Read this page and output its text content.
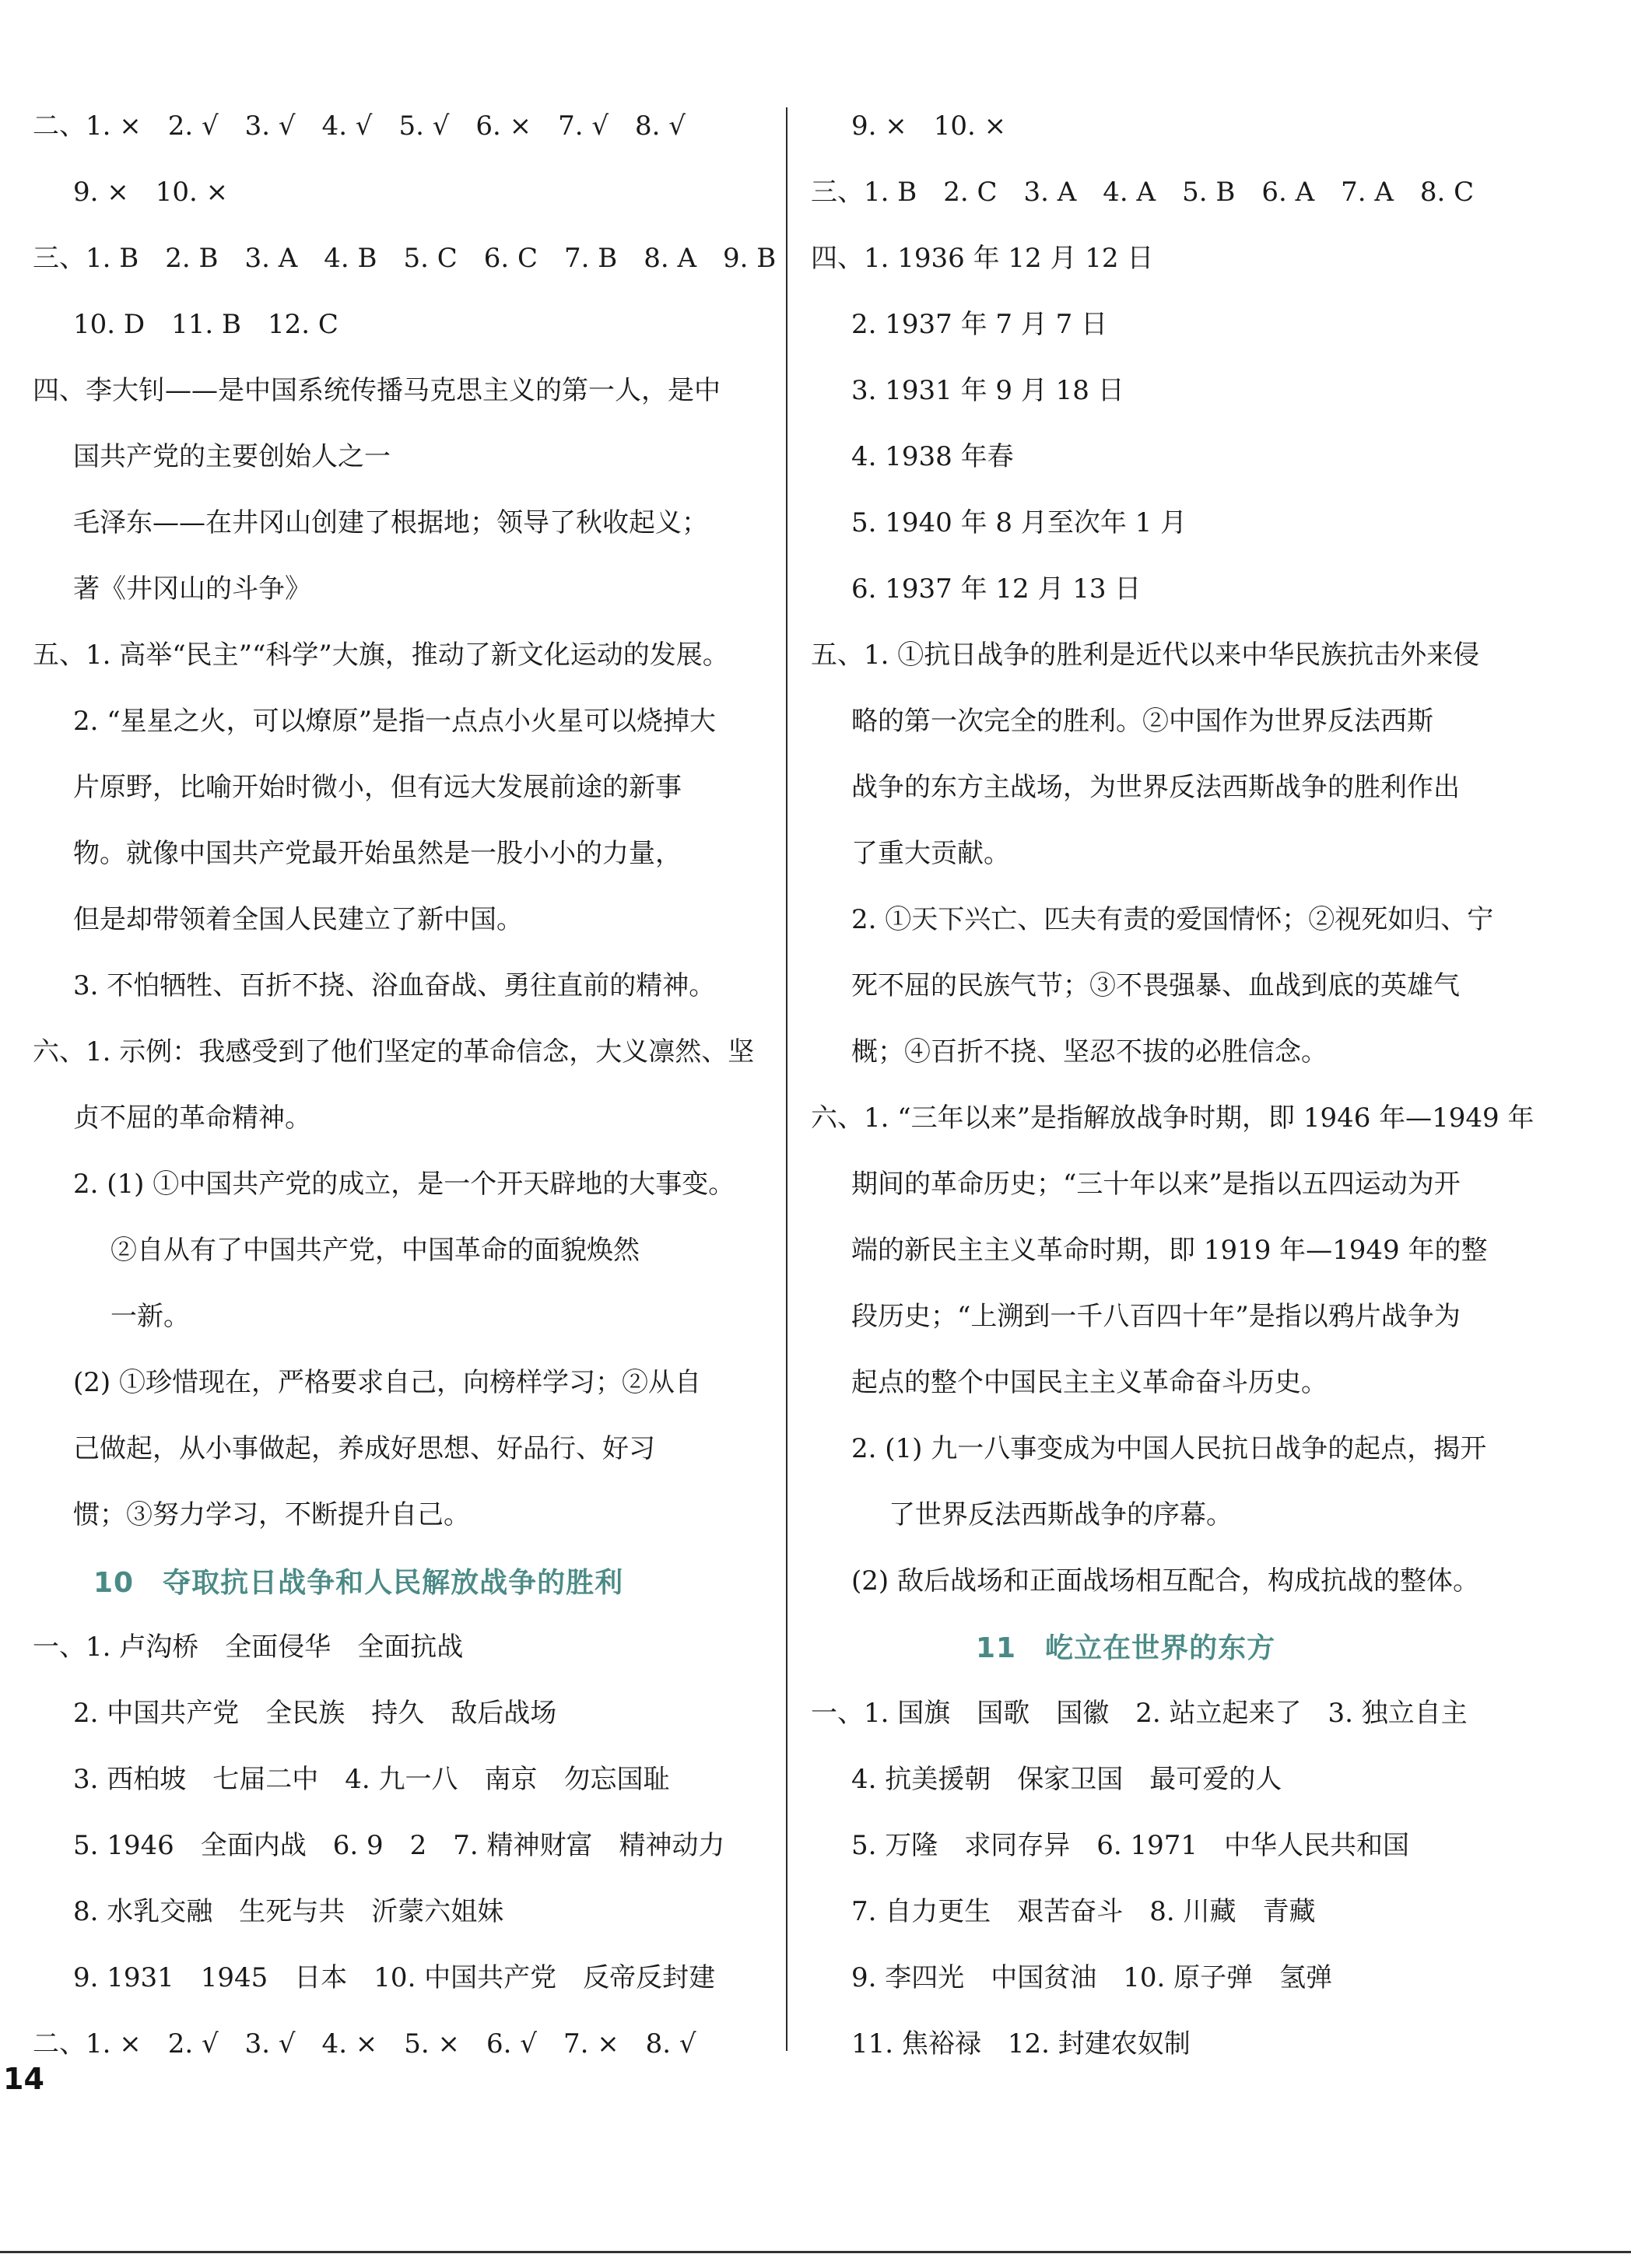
二、1. ×　2. √　3. √　4. √　5. √　6. ×　7. √　8. √
9. ×　10. ×
三、1. B　2. B　3. A　4. B　5. C　6. C　7. B　8. A　9. B
10. D　11. B　12. C
四、李大钊——是中国系统传播马克思主义的第一人，是中
国共产党的主要创始人之一
毛泽东——在井冈山创建了根据地；领导了秋收起义；
著《井冈山的斗争》
五、1. 高举“民主”“科学”大旗，推动了新文化运动的发展。
2. “星星之火，可以燎原”是指一点点小火星可以烧掉大
片原野，比喻开始时微小，但有远大发展前途的新事
物。就像中国共产党最开始虽然是一股小小的力量，
但是却带领着全国人民建立了新中国。
3. 不怕牺牲、百折不挠、浴血奋战、勇往直前的精神。
六、1. 示例：我感受到了他们坚定的革命信念，大义凛然、坚
贞不屈的革命精神。
2. (1) ①中国共产党的成立，是一个开天辟地的大事变。
②自从有了中国共产党，中国革命的面貌焕然
一新。
(2) ①珍惜现在，严格要求自己，向榜样学习；②从自
己做起，从小事做起，养成好思想、好品行、好习
惯；③努力学习，不断提升自己。
10　夺取抗日战争和人民解放战争的胜利
一、1. 卢沟桥　全面侵华　全面抗战
2. 中国共产党　全民族　持久　敌后战场
3. 西柏坡　七届二中　4. 九一八　南京　勿忘国耻
5. 1946　全面内战　6. 9　2　7. 精神财富　精神动力
8. 水乳交融　生死与共　沂蒙六姐妹
9. 1931　1945　日本　10. 中国共产党　反帝反封建
二、1. ×　2. √　3. √　4. ×　5. ×　6. √　7. ×　8. √
9. ×　10. ×
三、1. B　2. C　3. A　4. A　5. B　6. A　7. A　8. C
四、1. 1936 年 12 月 12 日
2. 1937 年 7 月 7 日
3. 1931 年 9 月 18 日
4. 1938 年春
5. 1940 年 8 月至次年 1 月
6. 1937 年 12 月 13 日
五、1. ①抗日战争的胜利是近代以来中华民族抗击外来侵
略的第一次完全的胜利。②中国作为世界反法西斯
战争的东方主战场，为世界反法西斯战争的胜利作出
了重大贡献。
2. ①天下兴亡、匹夫有责的爱国情怀；②视死如归、宁
死不屈的民族气节；③不畏强暴、血战到底的英雄气
概；④百折不挠、坚忍不拔的必胜信念。
六、1. “三年以来”是指解放战争时期，即 1946 年—1949 年
期间的革命历史；“三十年以来”是指以五四运动为开
端的新民主主义革命时期，即 1919 年—1949 年的整
段历史；“上溯到一千八百四十年”是指以鸦片战争为
起点的整个中国民主主义革命奋斗历史。
2. (1) 九一八事变成为中国人民抗日战争的起点，揭开
了世界反法西斯战争的序幕。
(2) 敌后战场和正面战场相互配合，构成抗战的整体。
11　屹立在世界的东方
一、1. 国旗　国歌　国徽　2. 站立起来了　3. 独立自主
4. 抗美援朝　保家卫国　最可爱的人
5. 万隆　求同存异　6. 1971　中华人民共和国
7. 自力更生　艰苦奋斗　8. 川藏　青藏
9. 李四光　中国贫油　10. 原子弹　氢弹
11. 焦裕禄　12. 封建农奴制
14
